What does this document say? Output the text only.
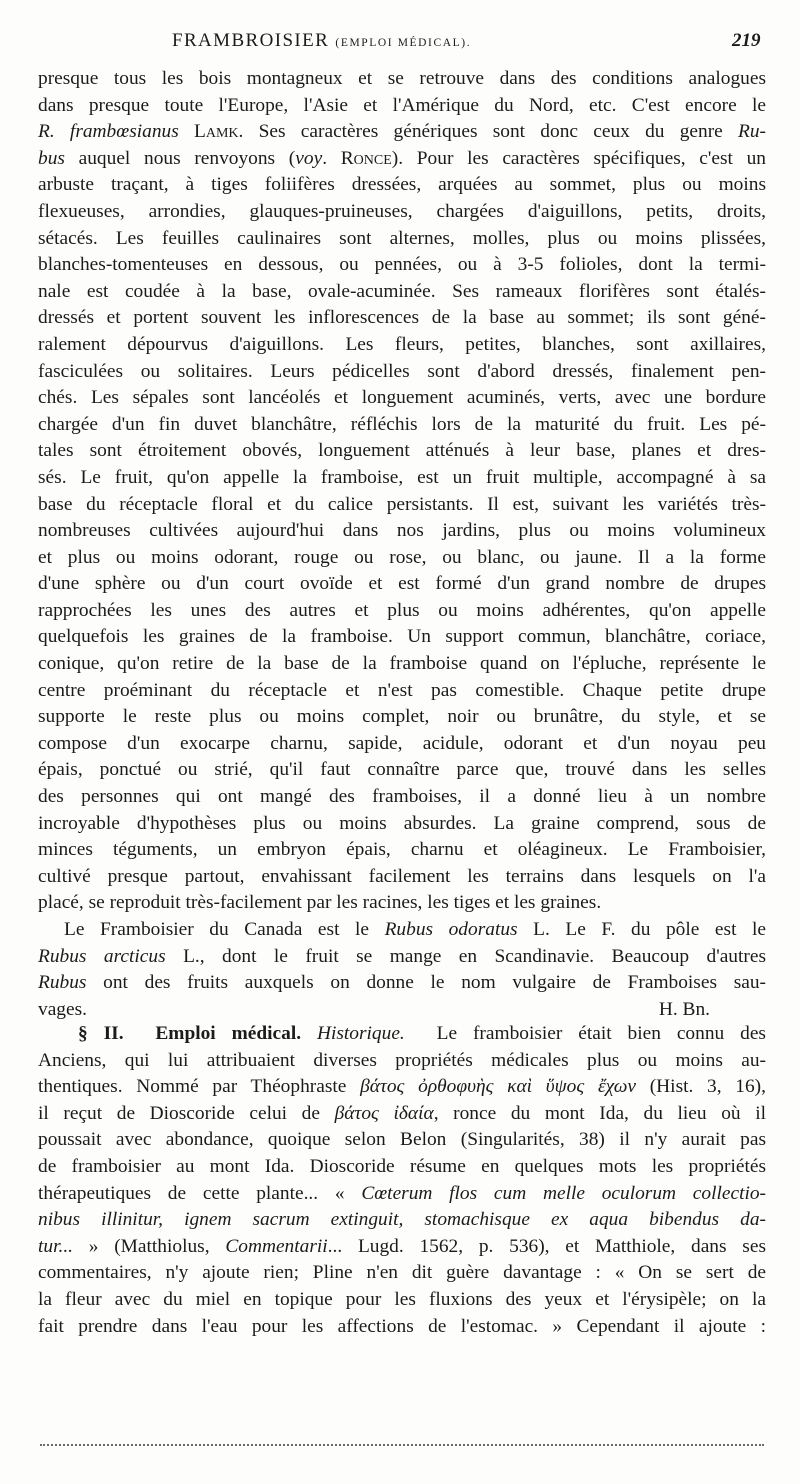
FRAMBROISIER (EMPLOI MÉDICAL).	219
presque tous les bois montagneux et se retrouve dans des conditions analogues
dans presque toute l'Europe, l'Asie et l'Amérique du Nord, etc. C'est encore le
R. frambœsianus Lamk. Ses caractères génériques sont donc ceux du genre Ru-
bus auquel nous renvoyons (voy. Ronce). Pour les caractères spécifiques, c'est un
arbuste traçant, à tiges foliifères dressées, arquées au sommet, plus ou moins
flexueuses, arrondies, glauques-pruineuses, chargées d'aiguillons, petits, droits,
sétacés. Les feuilles caulinaires sont alternes, molles, plus ou moins plissées,
blanches-tomenteuses en dessous, ou pennées, ou à 3-5 folioles, dont la termi-
nale est coudée à la base, ovale-acuminée. Ses rameaux florifères sont étalés-
dressés et portent souvent les inflorescences de la base au sommet; ils sont géné-
ralement dépourvus d'aiguillons. Les fleurs, petites, blanches, sont axillaires,
fasciculées ou solitaires. Leurs pédicelles sont d'abord dressés, finalement pen-
chés. Les sépales sont lancéolés et longuement acuminés, verts, avec une bordure
chargée d'un fin duvet blanchâtre, réfléchis lors de la maturité du fruit. Les pé-
tales sont étroitement obovés, longuement atténués à leur base, planes et dres-
sés. Le fruit, qu'on appelle la framboise, est un fruit multiple, accompagné à sa
base du réceptacle floral et du calice persistants. Il est, suivant les variétés très-
nombreuses cultivées aujourd'hui dans nos jardins, plus ou moins volumineux
et plus ou moins odorant, rouge ou rose, ou blanc, ou jaune. Il a la forme
d'une sphère ou d'un court ovoïde et est formé d'un grand nombre de drupes
rapprochées les unes des autres et plus ou moins adhérentes, qu'on appelle
quelquefois les graines de la framboise. Un support commun, blanchâtre, coriace,
conique, qu'on retire de la base de la framboise quand on l'épluche, représente le
centre proéminant du réceptacle et n'est pas comestible. Chaque petite drupe
supporte le reste plus ou moins complet, noir ou brunâtre, du style, et se
compose d'un exocarpe charnu, sapide, acidule, odorant et d'un noyau peu
épais, ponctué ou strié, qu'il faut connaître parce que, trouvé dans les selles
des personnes qui ont mangé des framboises, il a donné lieu à un nombre
incroyable d'hypothèses plus ou moins absurdes. La graine comprend, sous de
minces téguments, un embryon épais, charnu et oléagineux. Le Framboisier,
cultivé presque partout, envahissant facilement les terrains dans lesquels on l'a
placé, se reproduit très-facilement par les racines, les tiges et les graines.
Le Framboisier du Canada est le Rubus odoratus L. Le F. du pôle est le
Rubus arcticus L., dont le fruit se mange en Scandinavie. Beaucoup d'autres
Rubus ont des fruits auxquels on donne le nom vulgaire de Framboises sau-
vages.	H. Bn.
§ II. Emploi médical. Historique. Le framboisier était bien connu des
Anciens, qui lui attribuaient diverses propriétés médicales plus ou moins au-
thentiques. Nommé par Théophraste βάτος ὀρθοφυὴς καὶ ὕψος ἔχων (Hist. 3, 16),
il reçut de Dioscoride celui de βάτος ἰδαία, ronce du mont Ida, du lieu où il
poussait avec abondance, quoique selon Belon (Singularités, 38) il n'y aurait pas
de framboisier au mont Ida. Dioscoride résume en quelques mots les propriétés
thérapeutiques de cette plante... « Cœterum flos cum melle oculorum collectio-
nibus illinitur, ignem sacrum extinguit, stomachisque ex aqua bibendus da-
tur... » (Matthiolus, Commentarii... Lugd. 1562, p. 536), et Matthiole, dans ses
commentaires, n'y ajoute rien; Pline n'en dit guère davantage : « On se sert de
la fleur avec du miel en topique pour les fluxions des yeux et l'érysipèle; on la
fait prendre dans l'eau pour les affections de l'estomac. » Cependant il ajoute :
